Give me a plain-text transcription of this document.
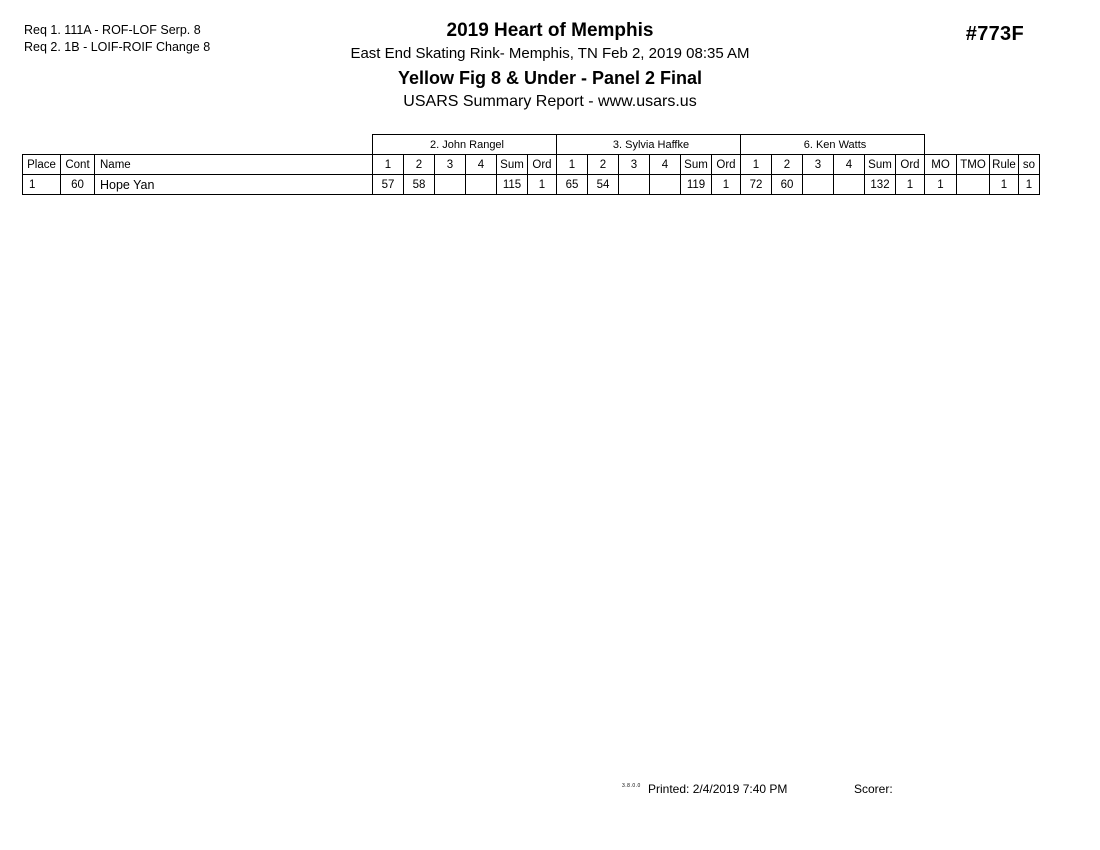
Req 1. 111A - ROF-LOF Serp. 8
Req 2. 1B - LOIF-ROIF Change 8
2019 Heart of Memphis
East End Skating Rink- Memphis, TN Feb 2, 2019 08:35 AM
Yellow Fig 8 & Under - Panel 2 Final
USARS Summary Report - www.usars.us
#773F
			2. John Rangel						3. Sylvia Haffke						6. Ken Watts									
Place	Cont	Name	1	2	3	4	Sum	Ord	1	2	3	4	Sum	Ord	1	2	3	4	Sum	Ord	MO	TMO	Rule	so
1	60	Hope Yan	57	58			115	1	65	54			119	1	72	60			132	1	1		1	1
3.8.0.0 Printed: 2/4/2019 7:40 PM	Scorer:
